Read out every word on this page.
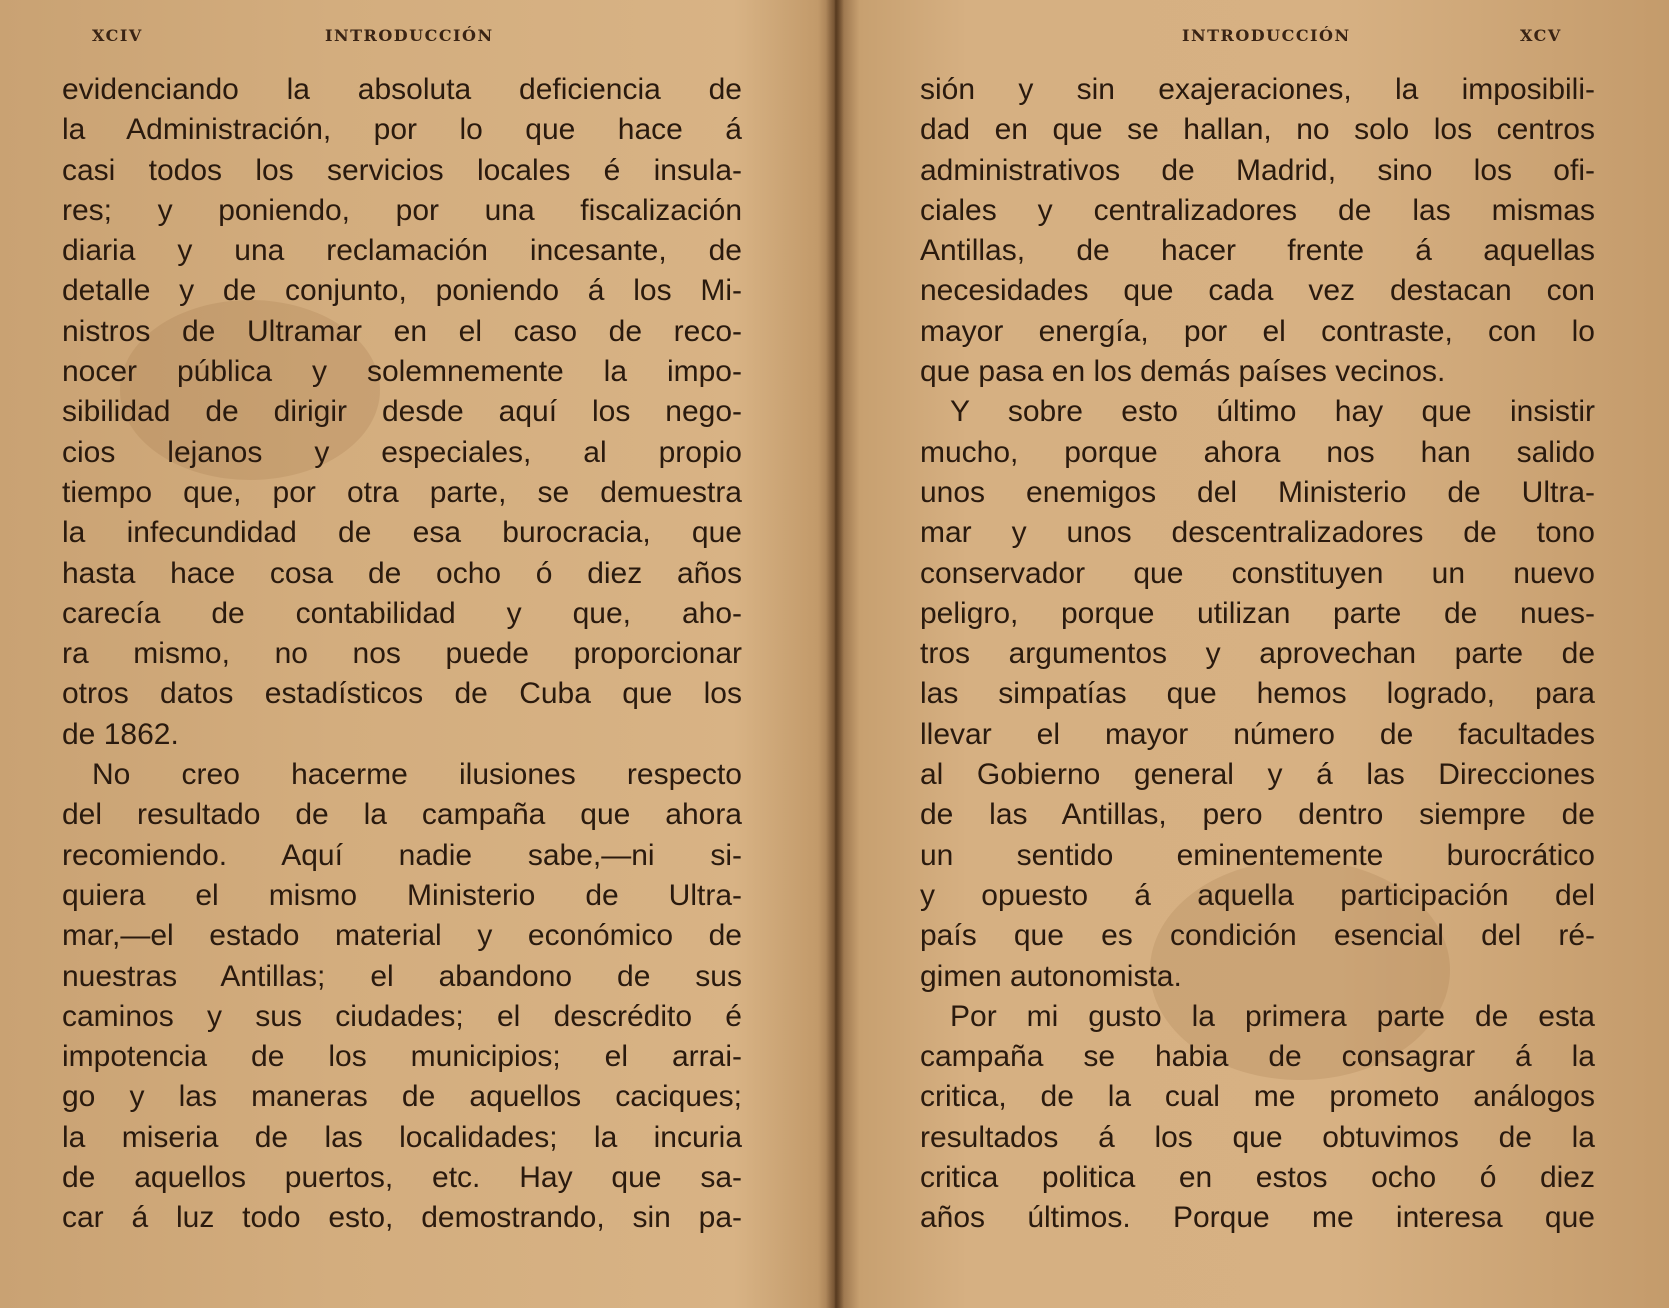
XCIV	INTRODUCCIÓN
evidenciando la absoluta deficiencia de
la Administración, por lo que hace á
casi todos los servicios locales é insula-
res; y poniendo, por una fiscalización
diaria y una reclamación incesante, de
detalle y de conjunto, poniendo á los Mi-
nistros de Ultramar en el caso de reco-
nocer pública y solemnemente la impo-
sibilidad de dirigir desde aquí los nego-
cios lejanos y especiales, al propio
tiempo que, por otra parte, se demuestra
la infecundidad de esa burocracia, que
hasta hace cosa de ocho ó diez años
carecía de contabilidad y que, aho-
ra mismo, no nos puede proporcionar
otros datos estadísticos de Cuba que los
de 1862.
No creo hacerme ilusiones respecto
del resultado de la campaña que ahora
recomiendo. Aquí nadie sabe,—ni si-
quiera el mismo Ministerio de Ultra-
mar,—el estado material y económico de
nuestras Antillas; el abandono de sus
caminos y sus ciudades; el descrédito é
impotencia de los municipios; el arrai-
go y las maneras de aquellos caciques;
la miseria de las localidades; la incuria
de aquellos puertos, etc. Hay que sa-
car á luz todo esto, demostrando, sin pa-
INTRODUCCIÓN	XCV
sión y sin exajeraciones, la imposibili-
dad en que se hallan, no solo los centros
administrativos de Madrid, sino los ofi-
ciales y centralizadores de las mismas
Antillas, de hacer frente á aquellas
necesidades que cada vez destacan con
mayor energía, por el contraste, con lo
que pasa en los demás países vecinos.
Y sobre esto último hay que insistir
mucho, porque ahora nos han salido
unos enemigos del Ministerio de Ultra-
mar y unos descentralizadores de tono
conservador que constituyen un nuevo
peligro, porque utilizan parte de nues-
tros argumentos y aprovechan parte de
las simpatías que hemos logrado, para
llevar el mayor número de facultades
al Gobierno general y á las Direcciones
de las Antillas, pero dentro siempre de
un sentido eminentemente burocrático
y opuesto á aquella participación del
país que es condición esencial del ré-
gimen autonomista.
Por mi gusto la primera parte de esta
campaña se habia de consagrar á la
critica, de la cual me prometo análogos
resultados á los que obtuvimos de la
critica politica en estos ocho ó diez
años últimos. Porque me interesa que
